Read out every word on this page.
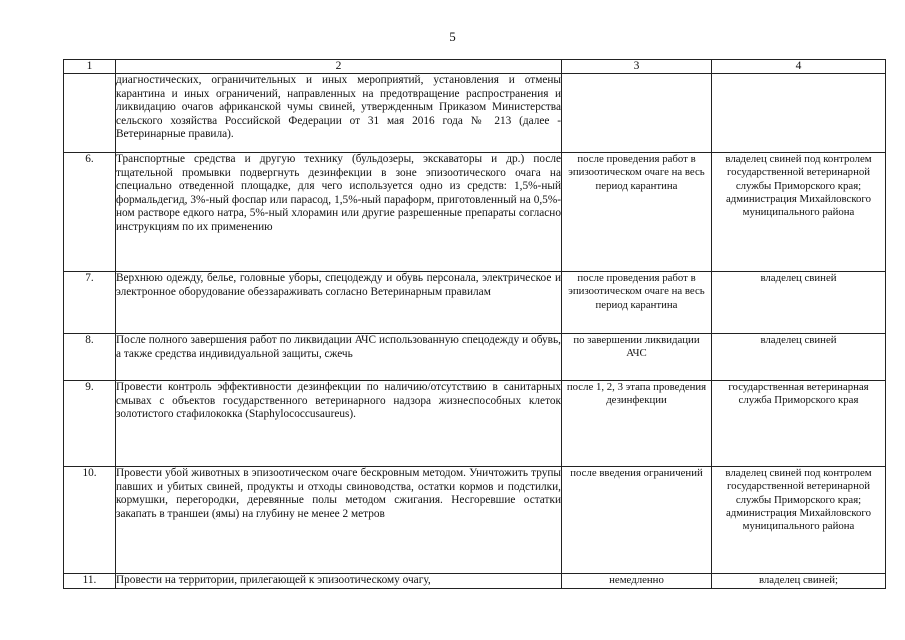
5
1	2	3	4
	диагностических, ограничительных и иных мероприятий, установления и отмены карантина и иных ограничений, направленных на предотвращение распространения и ликвидацию очагов африканской чумы свиней, утвержденным Приказом Министерства сельского хозяйства Российской Федерации от 31 мая 2016 года № 213 (далее - Ветеринарные правила).		
6.	Транспортные средства и другую технику (бульдозеры, экскаваторы и др.) после тщательной промывки подвергнуть дезинфекции в зоне эпизоотического очага на специально отведенной площадке, для чего используется одно из средств: 1,5%-ный формальдегид, 3%-ный фоспар или парасод, 1,5%-ный параформ, приготовленный на 0,5%-ном растворе едкого натра, 5%-ный хлорамин или другие разрешенные препараты согласно инструкциям по их применению	после проведения работ в эпизоотическом очаге на весь период карантина	владелец свиней под контролем государственной ветеринарной службы Приморского края; администрация Михайловского муниципального района
7.	Верхнюю одежду, белье, головные уборы, спецодежду и обувь персонала, электрическое и электронное оборудование обеззараживать согласно Ветеринарным правилам	после проведения работ в эпизоотическом очаге на весь период карантина	владелец свиней
8.	После полного завершения работ по ликвидации АЧС использованную спецодежду и обувь, а также средства индивидуальной защиты, сжечь	по завершении ликвидации АЧС	владелец свиней
9.	Провести контроль эффективности дезинфекции по наличию/отсутствию в санитарных смывах с объектов государственного ветеринарного надзора жизнеспособных клеток золотистого стафилококка (Staphylococcusaureus).	после 1, 2, 3 этапа проведения дезинфекции	государственная ветеринарная служба Приморского края
10.	Провести убой животных в эпизоотическом очаге бескровным методом. Уничтожить трупы павших и убитых свиней, продукты и отходы свиноводства, остатки кормов и подстилки, кормушки, перегородки, деревянные полы методом сжигания. Несгоревшие остатки закапать в траншеи (ямы) на глубину не менее 2 метров	после введения ограничений	владелец свиней под контролем государственной ветеринарной службы Приморского края; администрация Михайловского муниципального района
11.	Провести на территории, прилегающей к эпизоотическому очагу,	немедленно	владелец свиней;
